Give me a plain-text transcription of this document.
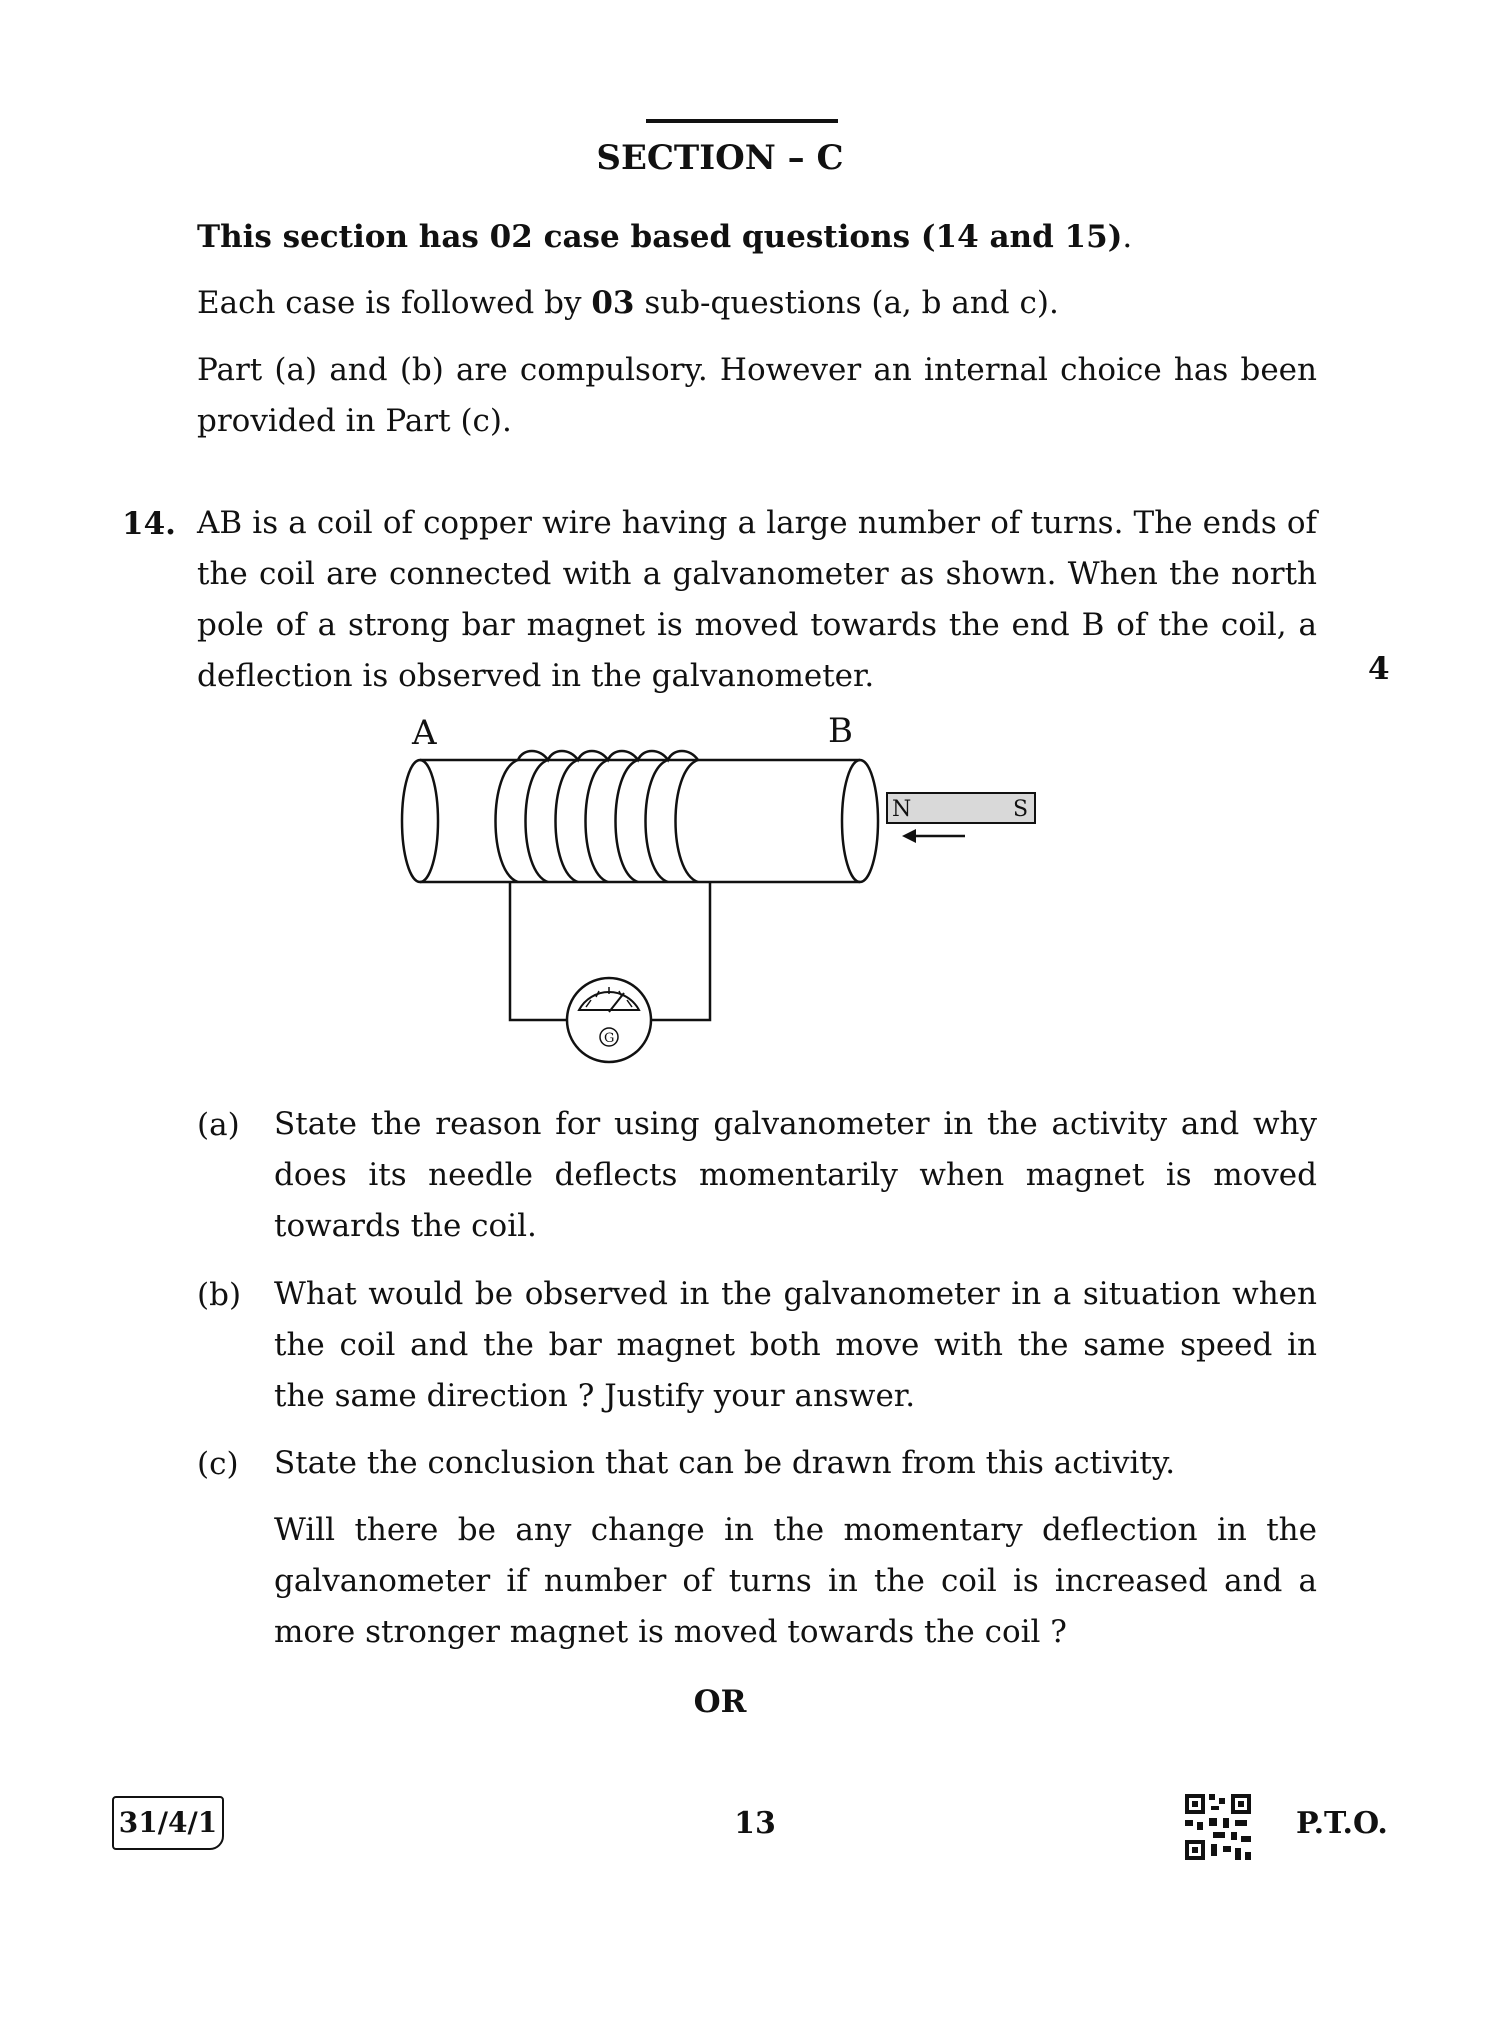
SECTION – C
This section has 02 case based questions (14 and 15).
Each case is followed by 03 sub-questions (a, b and c).
Part (a) and (b) are compulsory. However an internal choice has been provided in Part (c).
14. AB is a coil of copper wire having a large number of turns. The ends of the coil are connected with a galvanometer as shown. When the north pole of a strong bar magnet is moved towards the end B of the coil, a deflection is observed in the galvanometer.	4
A	B
N	S
G
(a) State the reason for using galvanometer in the activity and why does its needle deflects momentarily when magnet is moved towards the coil.
(b) What would be observed in the galvanometer in a situation when the coil and the bar magnet both move with the same speed in the same direction ? Justify your answer.
(c) State the conclusion that can be drawn from this activity.
Will there be any change in the momentary deflection in the galvanometer if number of turns in the coil is increased and a more stronger magnet is moved towards the coil ?
OR
31/4/1	13	P.T.O.
